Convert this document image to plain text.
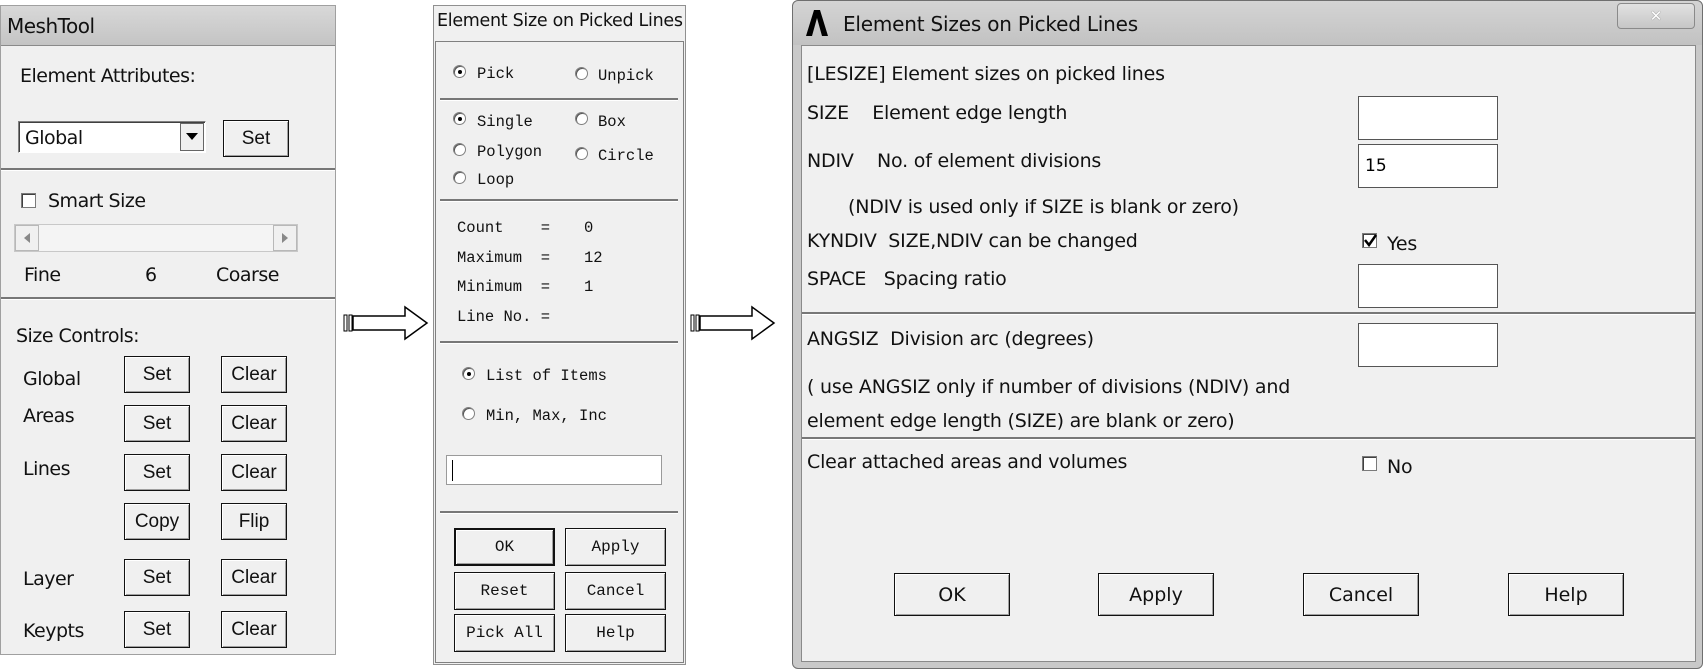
MeshTool
Element Attributes:
Global	Set
Smart Size
Fine	6	Coarse
Size Controls:
Global	Set	Clear
Areas	Set	Clear
Lines	Set	Clear
Copy	Flip
Layer	Set	Clear
Keypts	Set	Clear
Element Size on Picked Lines
Pick	Unpick
Single	Box
Polygon	Circle
Loop
Count    = 0
Maximum  = 12
Minimum  = 1
Line No. =
List of Items
Min, Max, Inc
OK	Apply
Reset	Cancel
Pick All	Help
Element Sizes on Picked Lines	✕
[LESIZE] Element sizes on picked lines
SIZE    Element edge length
NDIV    No. of element divisions
15
(NDIV is used only if SIZE is blank or zero)
KYNDIV  SIZE,NDIV can be changed	Yes
SPACE   Spacing ratio
ANGSIZ  Division arc (degrees)
( use ANGSIZ only if number of divisions (NDIV) and
element edge length (SIZE) are blank or zero)
Clear attached areas and volumes	No
OK	Apply	Cancel	Help
